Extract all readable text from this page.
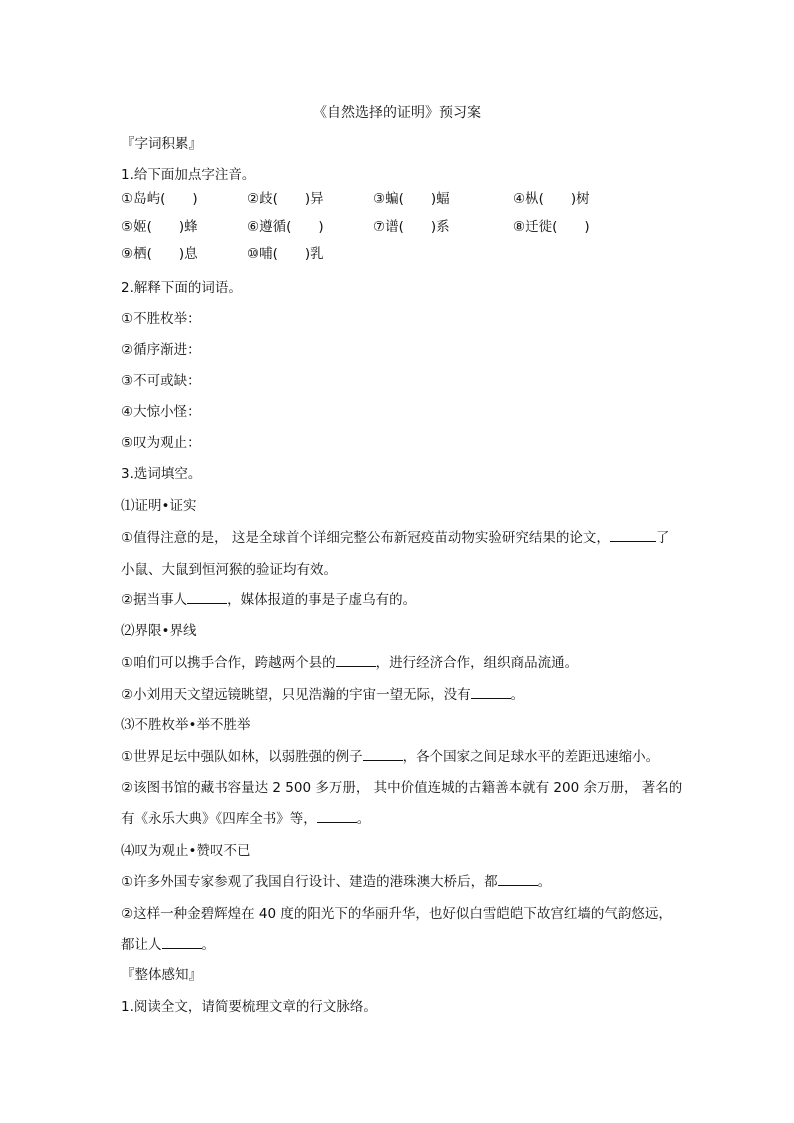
《自然选择的证明》预习案
『字词积累』
1.给下面加点字注音。
①岛屿(　　)	②歧(　　)异	③蝙(　　)蝠	④枞(　　)树
⑤姬(　　)蜂	⑥遵循(　　)	⑦谱(　　)系	⑧迁徙(　　)
⑨栖(　　)息	⑩哺(　　)乳
2.解释下面的词语。
①不胜枚举：
②循序渐进：
③不可或缺：
④大惊小怪：
⑤叹为观止：
3.选词填空。
⑴证明•证实
①值得注意的是， 这是全球首个详细完整公布新冠疫苗动物实验研究结果的论文，	了
小鼠、大鼠到恒河猴的验证均有效。
②据当事人	，媒体报道的事是子虚乌有的。
⑵界限•界线
①咱们可以携手合作，跨越两个县的	，进行经济合作，组织商品流通。
②小刘用天文望远镜眺望，只见浩瀚的宇宙一望无际，没有	。
⑶不胜枚举•举不胜举
①世界足坛中强队如林，以弱胜强的例子	，各个国家之间足球水平的差距迅速缩小。
②该图书馆的藏书容量达 2 500 多万册， 其中价值连城的古籍善本就有 200 余万册， 著名的
有《永乐大典》《四库全书》等，	。
⑷叹为观止•赞叹不已
①许多外国专家参观了我国自行设计、建造的港珠澳大桥后，都	。
②这样一种金碧辉煌在 40 度的阳光下的华丽升华，也好似白雪皑皑下故宫红墙的气韵悠远，
都让人	。
『整体感知』
1.阅读全文，请简要梳理文章的行文脉络。
